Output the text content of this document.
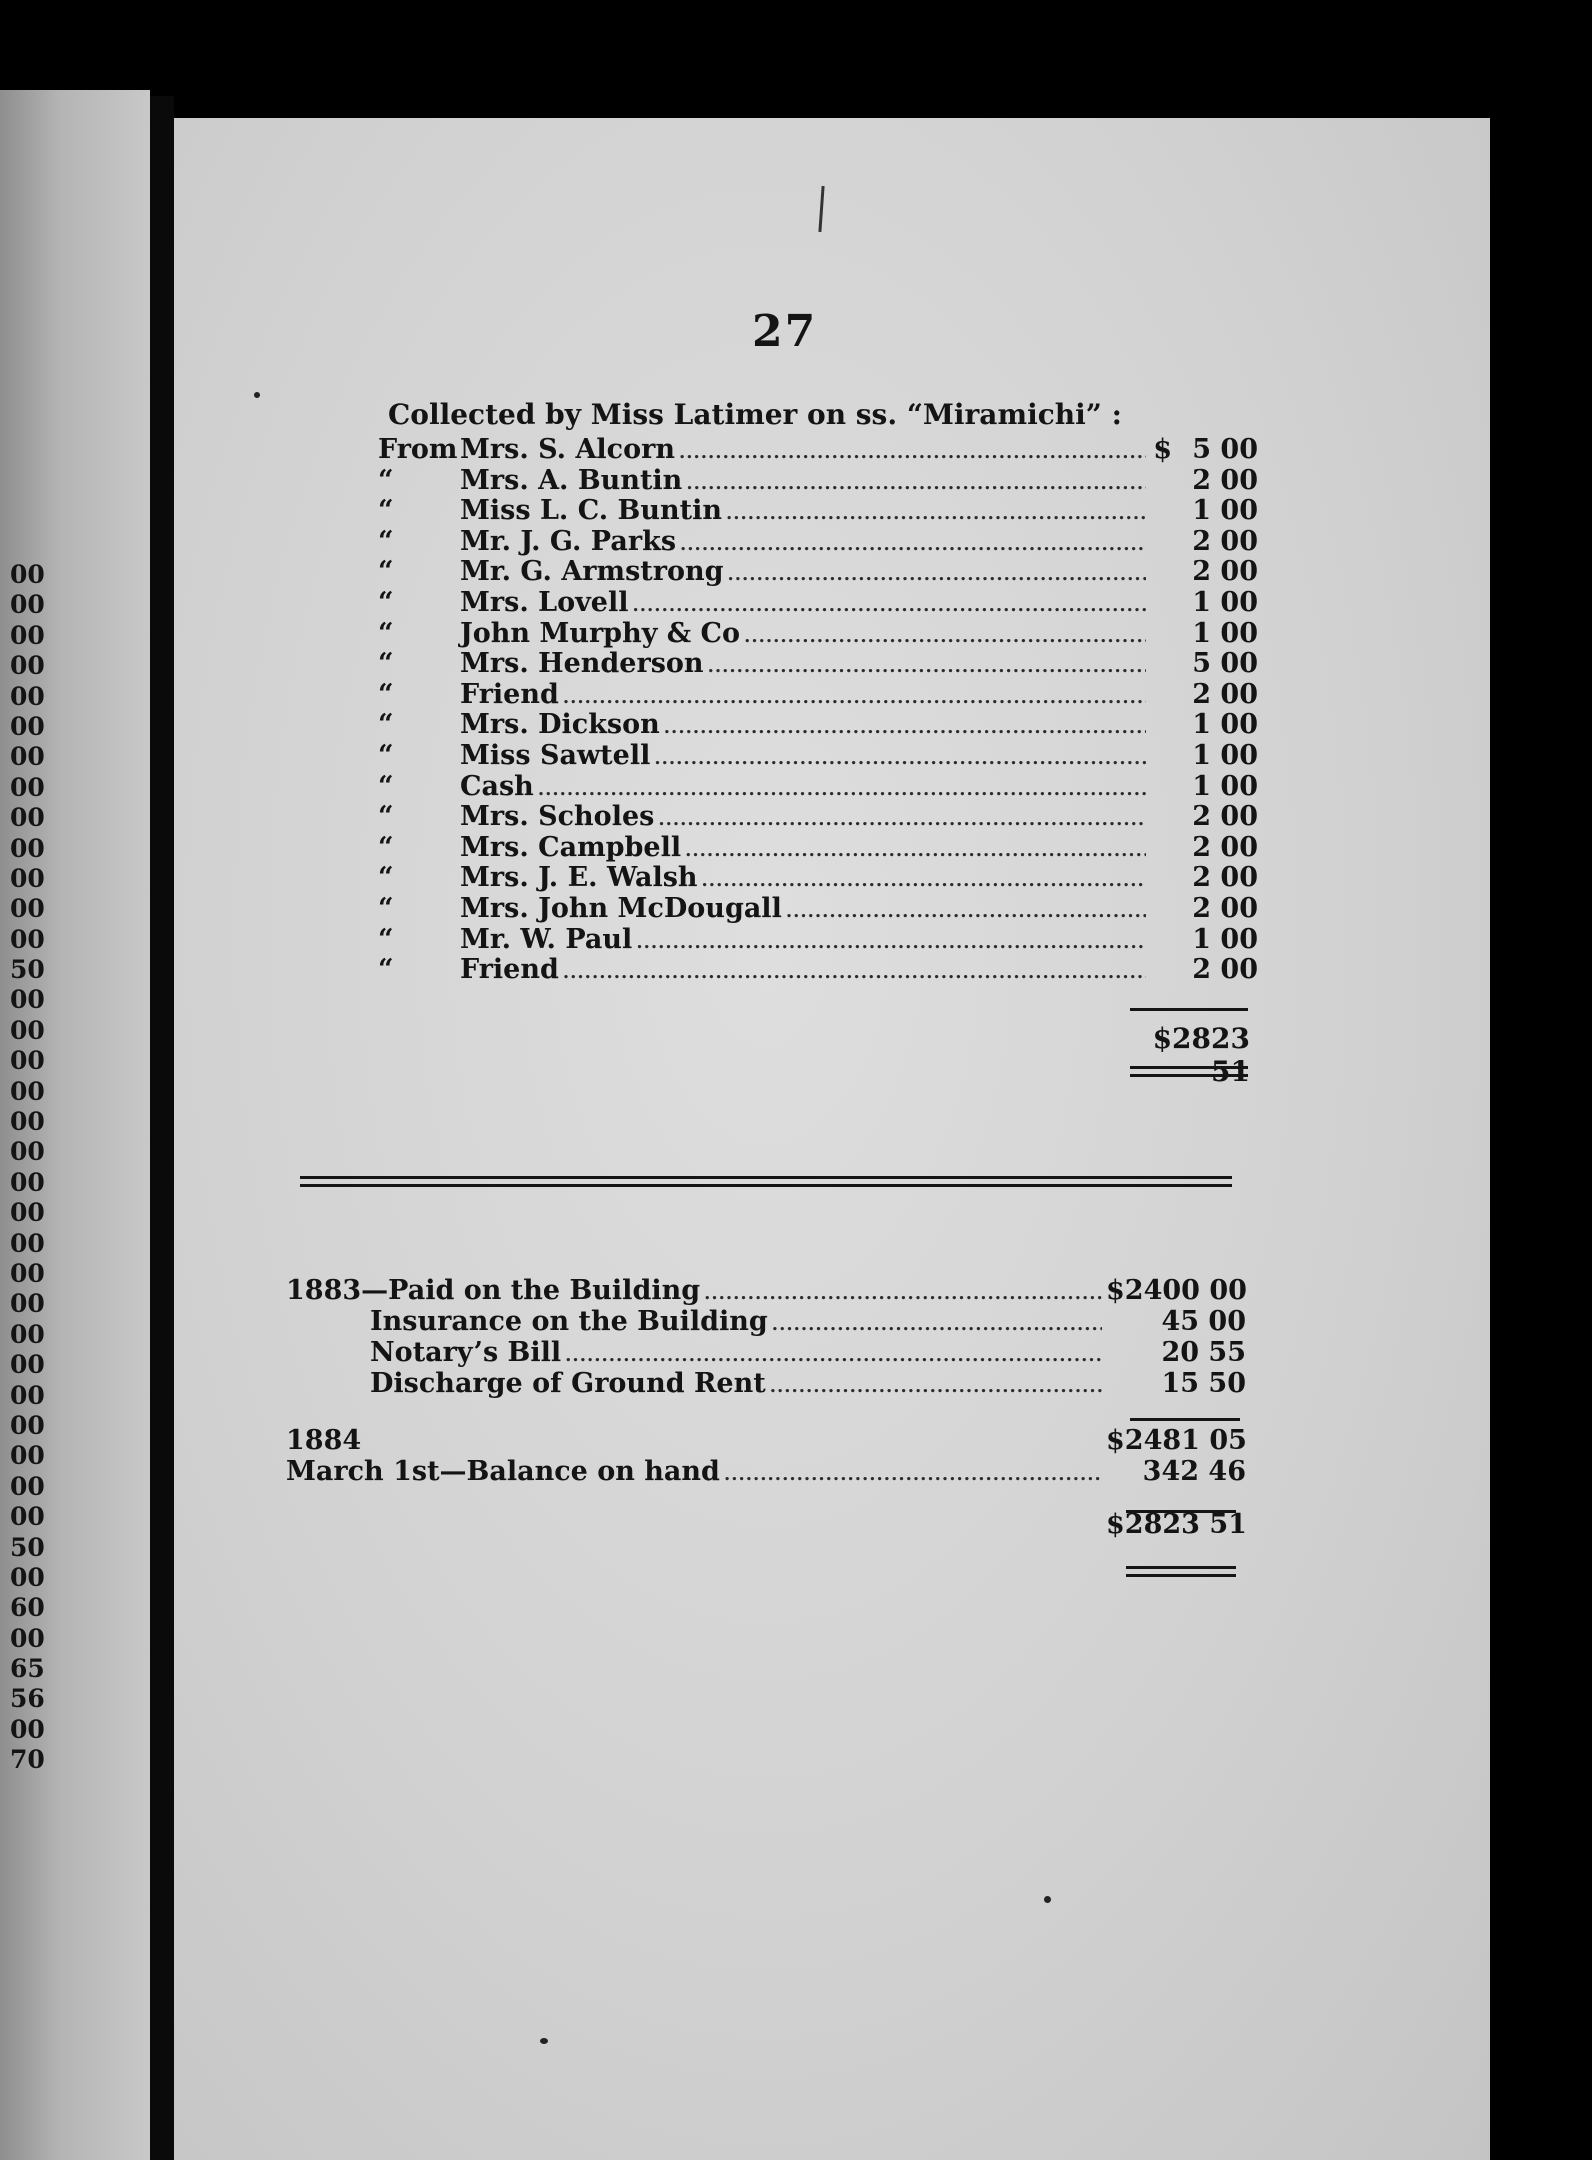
00
00
00
00
00
00
00
00
00
00
00
00
00
50
00
00
00
00
00
00
00
00
00
00
00
00
00
00
00
00
00
00
50
00
60
00
65
56
00
70
27
Collected by Miss Latimer on ss. “Miramichi” :
From Mrs. S. Alcorn .....	$ 5 00
“	Mrs. A. Buntin .....	2 00
“	Miss L. C. Buntin .....	1 00
“	Mr. J. G. Parks .....	2 00
“	Mr. G. Armstrong .....	2 00
“	Mrs. Lovell .....	1 00
“	John Murphy & Co .....	1 00
“	Mrs. Henderson .....	5 00
“	Friend .....	2 00
“	Mrs. Dickson .....	1 00
“	Miss Sawtell .....	1 00
“	Cash .....	1 00
“	Mrs. Scholes .....	2 00
“	Mrs. Campbell .....	2 00
“	Mrs. J. E. Walsh .....	2 00
“	Mrs. John McDougall .....	2 00
“	Mr. W. Paul .....	1 00
“	Friend .....	2 00
$2823 51
1883—Paid on the Building .....	$2400 00
Insurance on the Building .....	45 00
Notary’s Bill .....	20 55
Discharge of Ground Rent .....	15 50
1884	$2481 05
March 1st—Balance on hand .....	342 46
$2823 51
